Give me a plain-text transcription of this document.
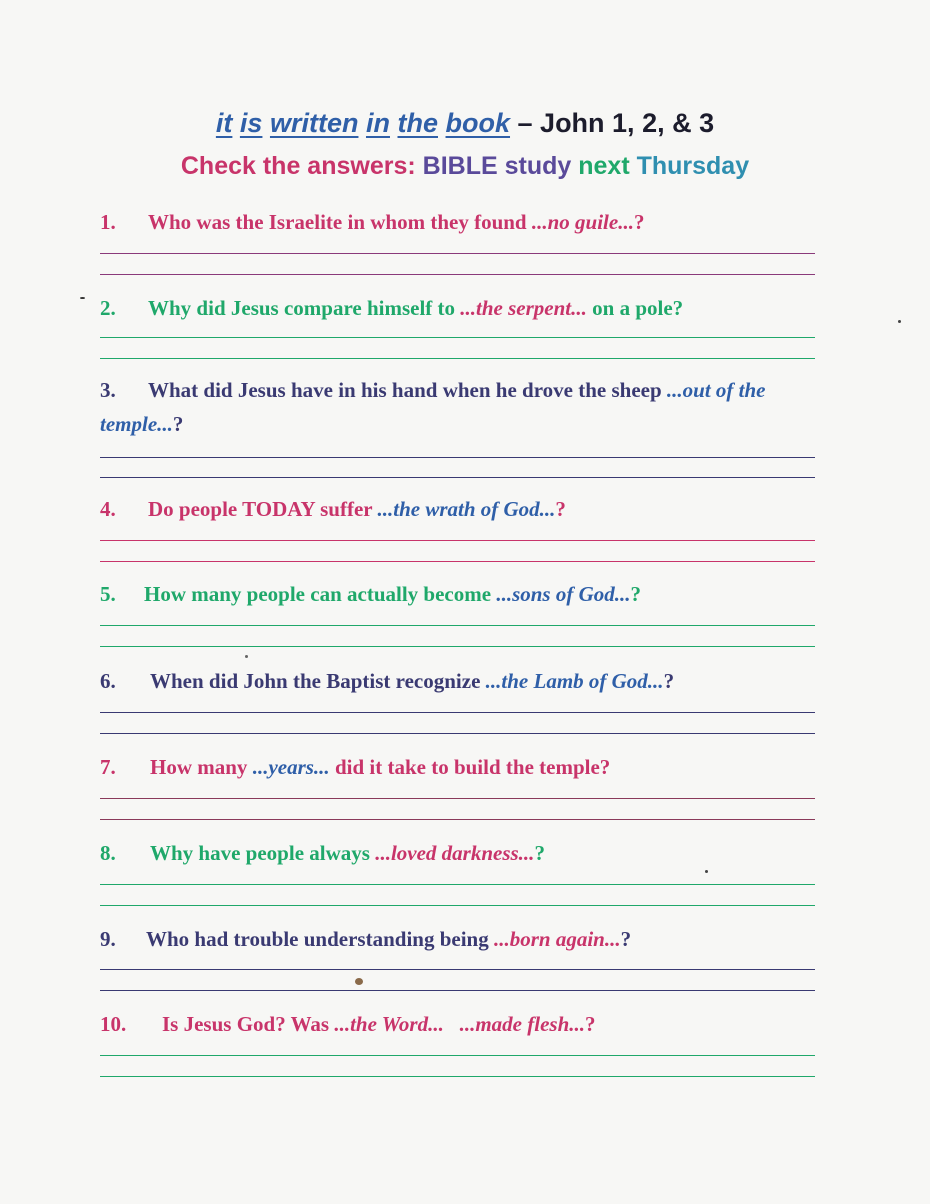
it is written in the book – John 1, 2, & 3
Check the answers: BIBLE study next Thursday
1. Who was the Israelite in whom they found ...no guile...?
2. Why did Jesus compare himself to ...the serpent... on a pole?
3. What did Jesus have in his hand when he drove the sheep ...out of the temple...?
4. Do people TODAY suffer ...the wrath of God...?
5. How many people can actually become ...sons of God...?
6. When did John the Baptist recognize ...the Lamb of God...?
7. How many ...years... did it take to build the temple?
8. Why have people always ...loved darkness...?
9. Who had trouble understanding being ...born again...?
10. Is Jesus God? Was ...the Word... ...made flesh...?
